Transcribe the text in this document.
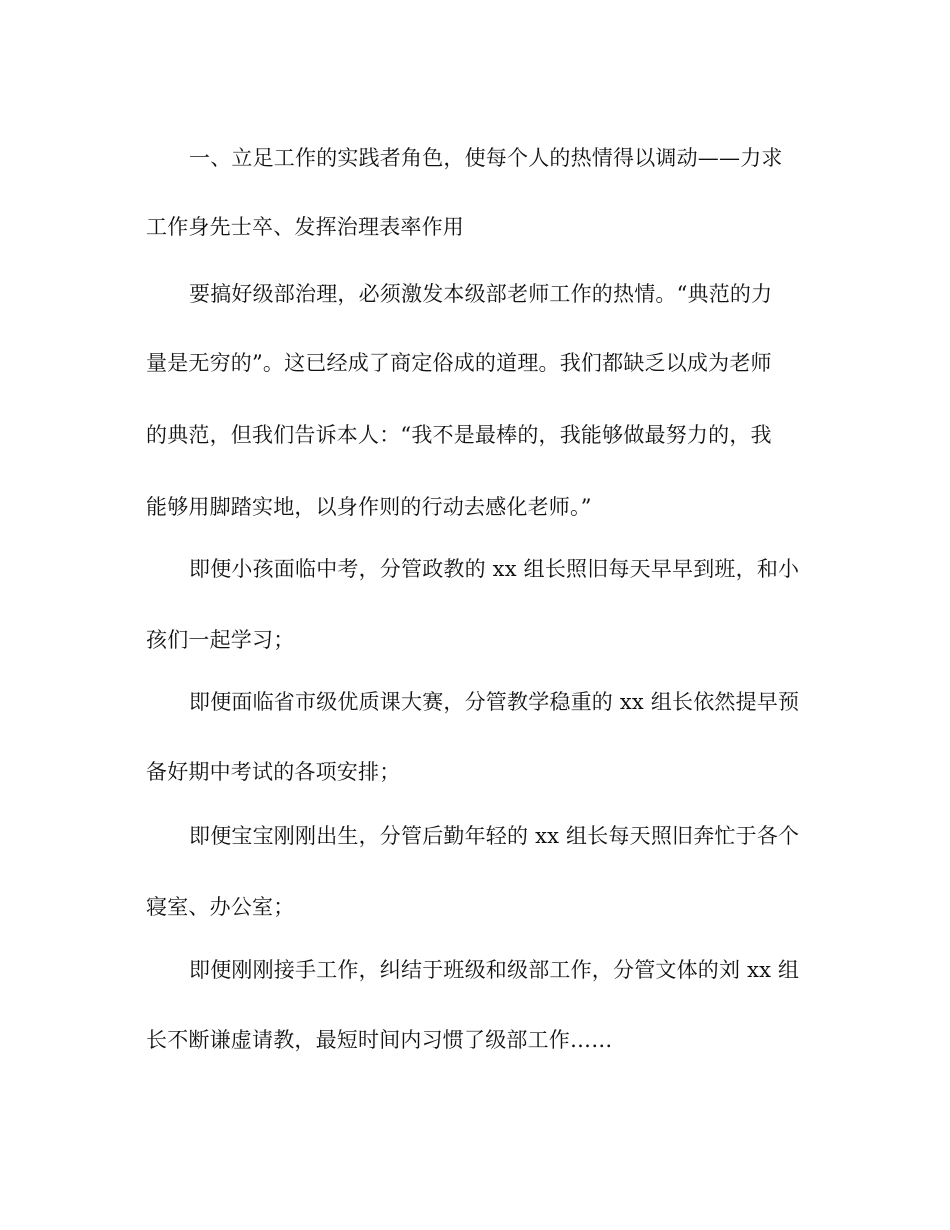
一、立足工作的实践者角色，使每个人的热情得以调动——力求
工作身先士卒、发挥治理表率作用
要搞好级部治理，必须激发本级部老师工作的热情。“典范的力
量是无穷的”。这已经成了商定俗成的道理。我们都缺乏以成为老师
的典范，但我们告诉本人：“我不是最棒的，我能够做最努力的，我
能够用脚踏实地，以身作则的行动去感化老师。”
即便小孩面临中考，分管政教的 xx 组长照旧每天早早到班，和小
孩们一起学习；
即便面临省市级优质课大赛，分管教学稳重的 xx 组长依然提早预
备好期中考试的各项安排；
即便宝宝刚刚出生，分管后勤年轻的 xx 组长每天照旧奔忙于各个
寝室、办公室；
即便刚刚接手工作，纠结于班级和级部工作，分管文体的刘 xx 组
长不断谦虚请教，最短时间内习惯了级部工作……
